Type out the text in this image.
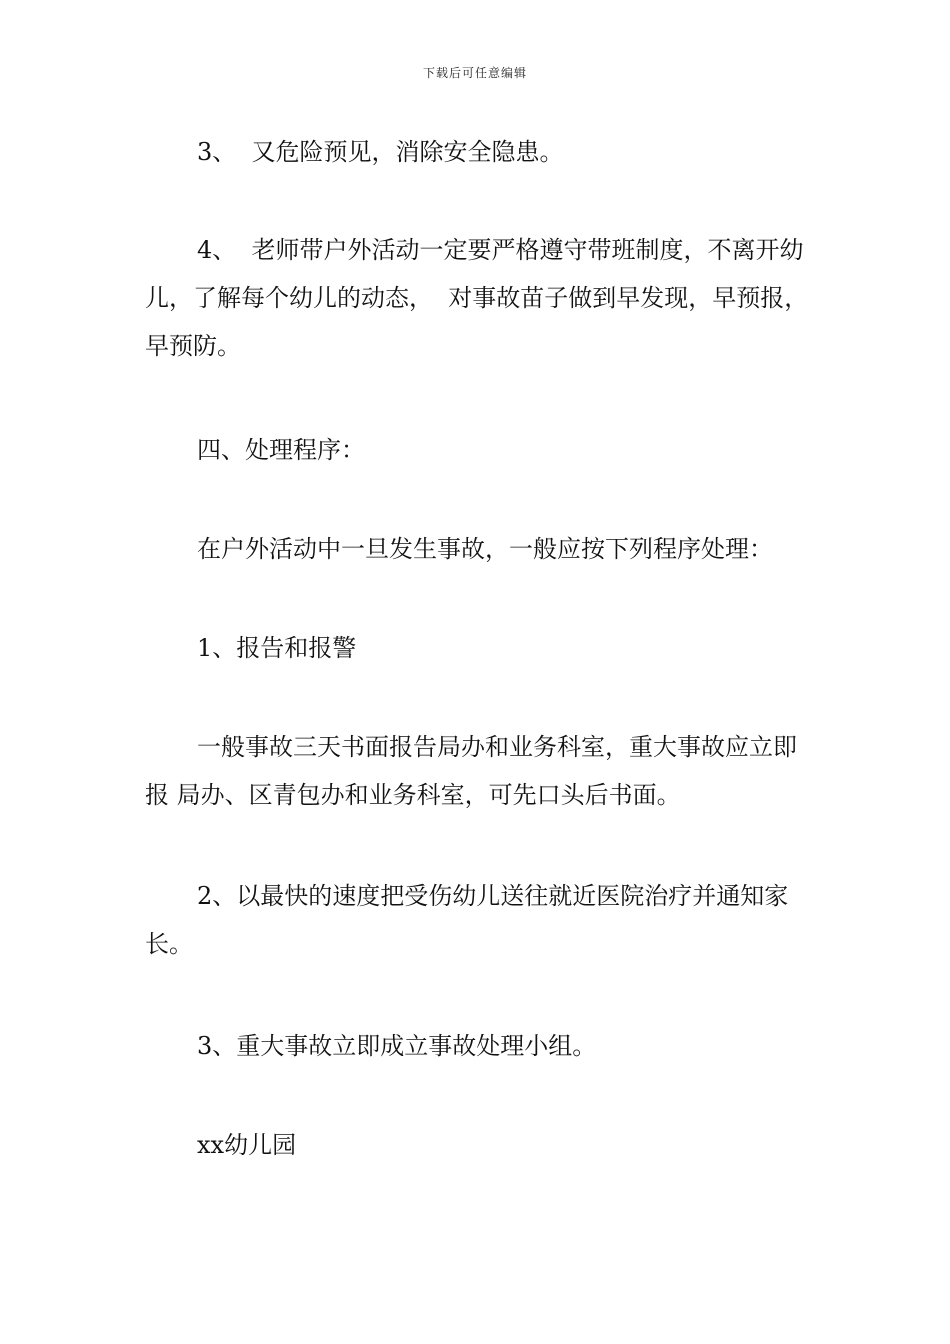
下载后可任意编辑

3、  又危险预见，消除安全隐患。

4、  老师带户外活动一定要严格遵守带班制度，不离开幼儿，了解每个幼儿的动态，  对事故苗子做到早发现，早预报，早预防。

四、处理程序：

在户外活动中一旦发生事故，一般应按下列程序处理：

1、报告和报警

一般事故三天书面报告局办和业务科室，重大事故应立即报 局办、区青包办和业务科室，可先口头后书面。

2、以最快的速度把受伤幼儿送往就近医院治疗并通知家长。

3、重大事故立即成立事故处理小组。

xx幼儿园
